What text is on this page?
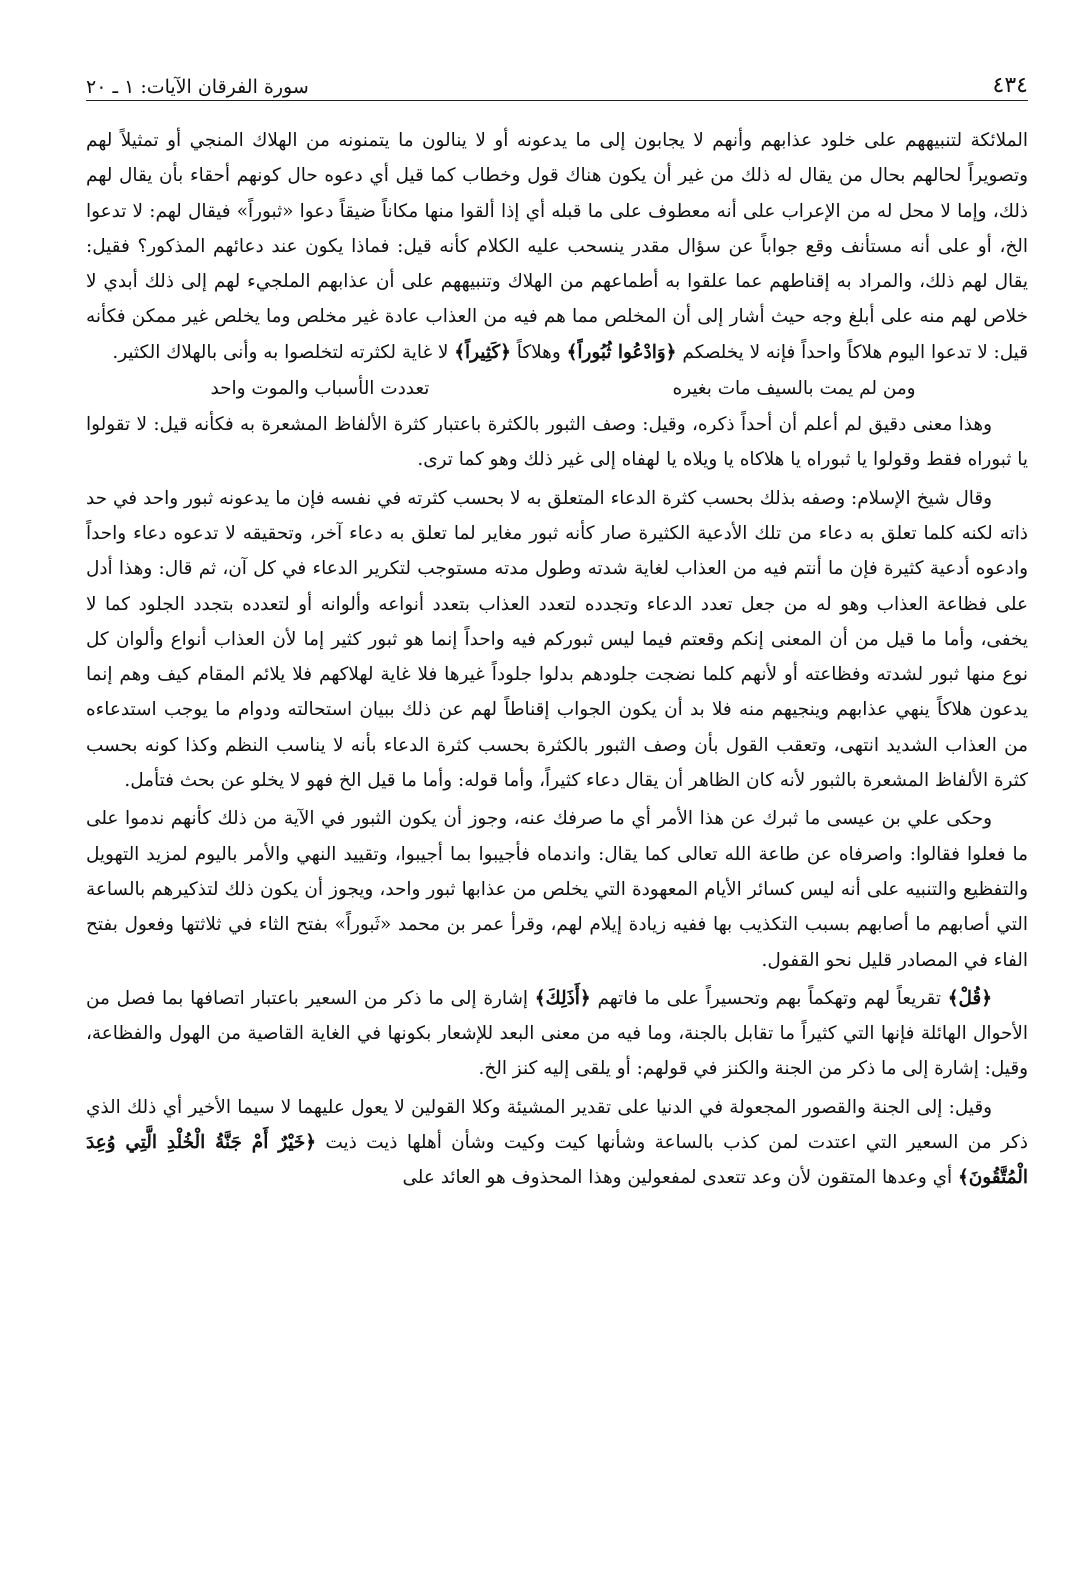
٤٣٤
سورة الفرقان الآيات: ١ ـ ٢٠

الملائكة لتنبيههم على خلود عذابهم وأنهم لا يجابون إلى ما يدعونه أو لا ينالون ما يتمنونه من الهلاك المنجي أو تمثيلاً لهم وتصويراً لحالهم بحال من يقال له ذلك من غير أن يكون هناك قول وخطاب كما قيل أي دعوه حال كونهم أحقاء بأن يقال لهم ذلك، وإما لا محل له من الإعراب على أنه معطوف على ما قبله أي إذا ألقوا منها مكاناً ضيقاً دعوا «ثبوراً» فيقال لهم: لا تدعوا الخ، أو على أنه مستأنف وقع جواباً عن سؤال مقدر ينسحب عليه الكلام كأنه قيل: فماذا يكون عند دعائهم المذكور؟ فقيل: يقال لهم ذلك، والمراد به إقناطهم عما علقوا به أطماعهم من الهلاك وتنبيههم على أن عذابهم الملجيء لهم إلى ذلك أبدي لا خلاص لهم منه على أبلغ وجه حيث أشار إلى أن المخلص مما هم فيه من العذاب عادة غير مخلص وما يخلص غير ممكن فكأنه قيل: لا تدعوا اليوم هلاكاً واحداً فإنه لا يخلصكم ﴿وَادْعُوا ثُبُوراً﴾ وهلاكاً ﴿كَثِيراً﴾ لا غاية لكثرته لتخلصوا به وأنى بالهلاك الكثير.

ومن لم يمت بالسيف مات بغيره
تعددت الأسباب والموت واحد

وهذا معنى دقيق لم أعلم أن أحداً ذكره، وقيل: وصف الثبور بالكثرة باعتبار كثرة الألفاظ المشعرة به فكأنه قيل: لا تقولوا يا ثبوراه فقط وقولوا يا ثبوراه يا هلاكاه يا ويلاه يا لهفاه إلى غير ذلك وهو كما ترى.

وقال شيخ الإسلام: وصفه بذلك بحسب كثرة الدعاء المتعلق به لا بحسب كثرته في نفسه فإن ما يدعونه ثبور واحد في حد ذاته لكنه كلما تعلق به دعاء من تلك الأدعية الكثيرة صار كأنه ثبور مغاير لما تعلق به دعاء آخر، وتحقيقه لا تدعوه دعاء واحداً وادعوه أدعية كثيرة فإن ما أنتم فيه من العذاب لغاية شدته وطول مدته مستوجب لتكرير الدعاء في كل آن، ثم قال: وهذا أدل على فظاعة العذاب وهو له من جعل تعدد الدعاء وتجدده لتعدد العذاب بتعدد أنواعه وألوانه أو لتعدده بتجدد الجلود كما لا يخفى، وأما ما قيل من أن المعنى إنكم وقعتم فيما ليس ثبوركم فيه واحداً إنما هو ثبور كثير إما لأن العذاب أنواع وألوان كل نوع منها ثبور لشدته وفظاعته أو لأنهم كلما نضجت جلودهم بدلوا جلوداً غيرها فلا غاية لهلاكهم فلا يلائم المقام كيف وهم إنما يدعون هلاكاً ينهي عذابهم وينجيهم منه فلا بد أن يكون الجواب إقناطاً لهم عن ذلك ببيان استحالته ودوام ما يوجب استدعاءه من العذاب الشديد انتهى، وتعقب القول بأن وصف الثبور بالكثرة بحسب كثرة الدعاء بأنه لا يناسب النظم وكذا كونه بحسب كثرة الألفاظ المشعرة بالثبور لأنه كان الظاهر أن يقال دعاء كثيراً، وأما قوله: وأما ما قيل الخ فهو لا يخلو عن بحث فتأمل.

وحكى علي بن عيسى ما ثبرك عن هذا الأمر أي ما صرفك عنه، وجوز أن يكون الثبور في الآية من ذلك كأنهم ندموا على ما فعلوا فقالوا: واصرفاه عن طاعة الله تعالى كما يقال: واندماه فأجيبوا بما أجيبوا، وتقييد النهي والأمر باليوم لمزيد التهويل والتفظيع والتنبيه على أنه ليس كسائر الأيام المعهودة التي يخلص من عذابها ثبور واحد، ويجوز أن يكون ذلك لتذكيرهم بالساعة التي أصابهم ما أصابهم بسبب التكذيب بها ففيه زيادة إيلام لهم، وقرأ عمر بن محمد «ثَبوراً» بفتح الثاء في ثلاثتها وفعول بفتح الفاء في المصادر قليل نحو القفول.

﴿قُلْ﴾ تقريعاً لهم وتهكماً بهم وتحسيراً على ما فاتهم ﴿أَذَلِكَ﴾ إشارة إلى ما ذكر من السعير باعتبار اتصافها بما فصل من الأحوال الهائلة فإنها التي كثيراً ما تقابل بالجنة، وما فيه من معنى البعد للإشعار بكونها في الغاية القاصية من الهول والفظاعة، وقيل: إشارة إلى ما ذكر من الجنة والكنز في قولهم: أو يلقى إليه كنز الخ.

وقيل: إلى الجنة والقصور المجعولة في الدنيا على تقدير المشيئة وكلا القولين لا يعول عليهما لا سيما الأخير أي ذلك الذي ذكر من السعير التي اعتدت لمن كذب بالساعة وشأنها كيت وكيت وشأن أهلها ذيت ذيت ﴿خَيْرٌ أَمْ جَنَّةُ الْخُلْدِ الَّتِي وُعِدَ الْمُتَّقُونَ﴾ أي وعدها المتقون لأن وعد تتعدى لمفعولين وهذا المحذوف هو العائد على
